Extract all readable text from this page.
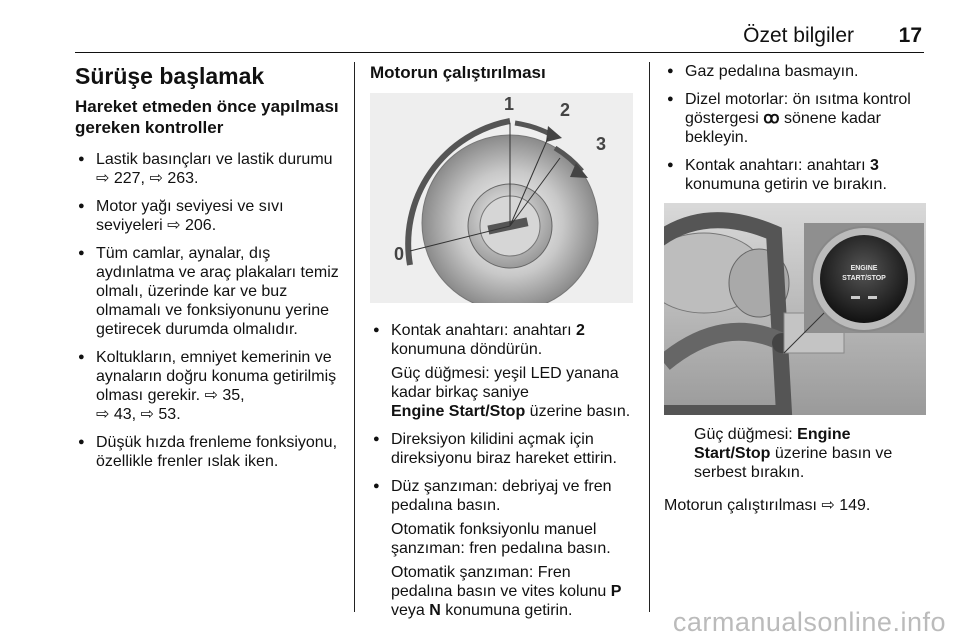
Özet bilgiler 17
Sürüşe başlamak
Hareket etmeden önce yapılması gereken kontroller
● Lastik basınçları ve lastik durumu ⇨ 227, ⇨ 263.
● Motor yağı seviyesi ve sıvı seviyeleri ⇨ 206.
● Tüm camlar, aynalar, dış aydınlatma ve araç plakaları temiz olmalı, üzerinde kar ve buz olmamalı ve fonksiyonunu yerine getirecek durumda olmalıdır.
● Koltukların, emniyet kemerinin ve aynaların doğru konuma getirilmiş olması gerekir. ⇨ 35,
⇨ 43, ⇨ 53.
● Düşük hızda frenleme fonksiyonu, özellikle frenler ıslak iken.
Motorun çalıştırılması
0
1	2
3
● Kontak anahtarı: anahtarı 2 konumuna döndürün.

Güç düğmesi: yeşil LED yanana kadar birkaç saniye
Engine Start/Stop üzerine basın.

● Direksiyon kilidini açmak için direksiyonu biraz hareket ettirin.
● Düz şanzıman: debriyaj ve fren pedalına basın.

Otomatik fonksiyonlu manuel şanzıman: fren pedalına basın.

Otomatik şanzıman: Fren pedalına basın ve vites kolunu P
veya N konumuna getirin.

● Gaz pedalına basmayın.
● Dizel motorlar: ön ısıtma kontrol göstergesi ꝏ sönene kadar bekleyin.
● Kontak anahtarı: anahtarı 3 konumuna getirin ve bırakın.
ENGINE
START/STOP
Güç düğmesi: Engine Start/Stop üzerine basın ve serbest bırakın.
Motorun çalıştırılması ⇨ 149.
carmanualsonline.info
